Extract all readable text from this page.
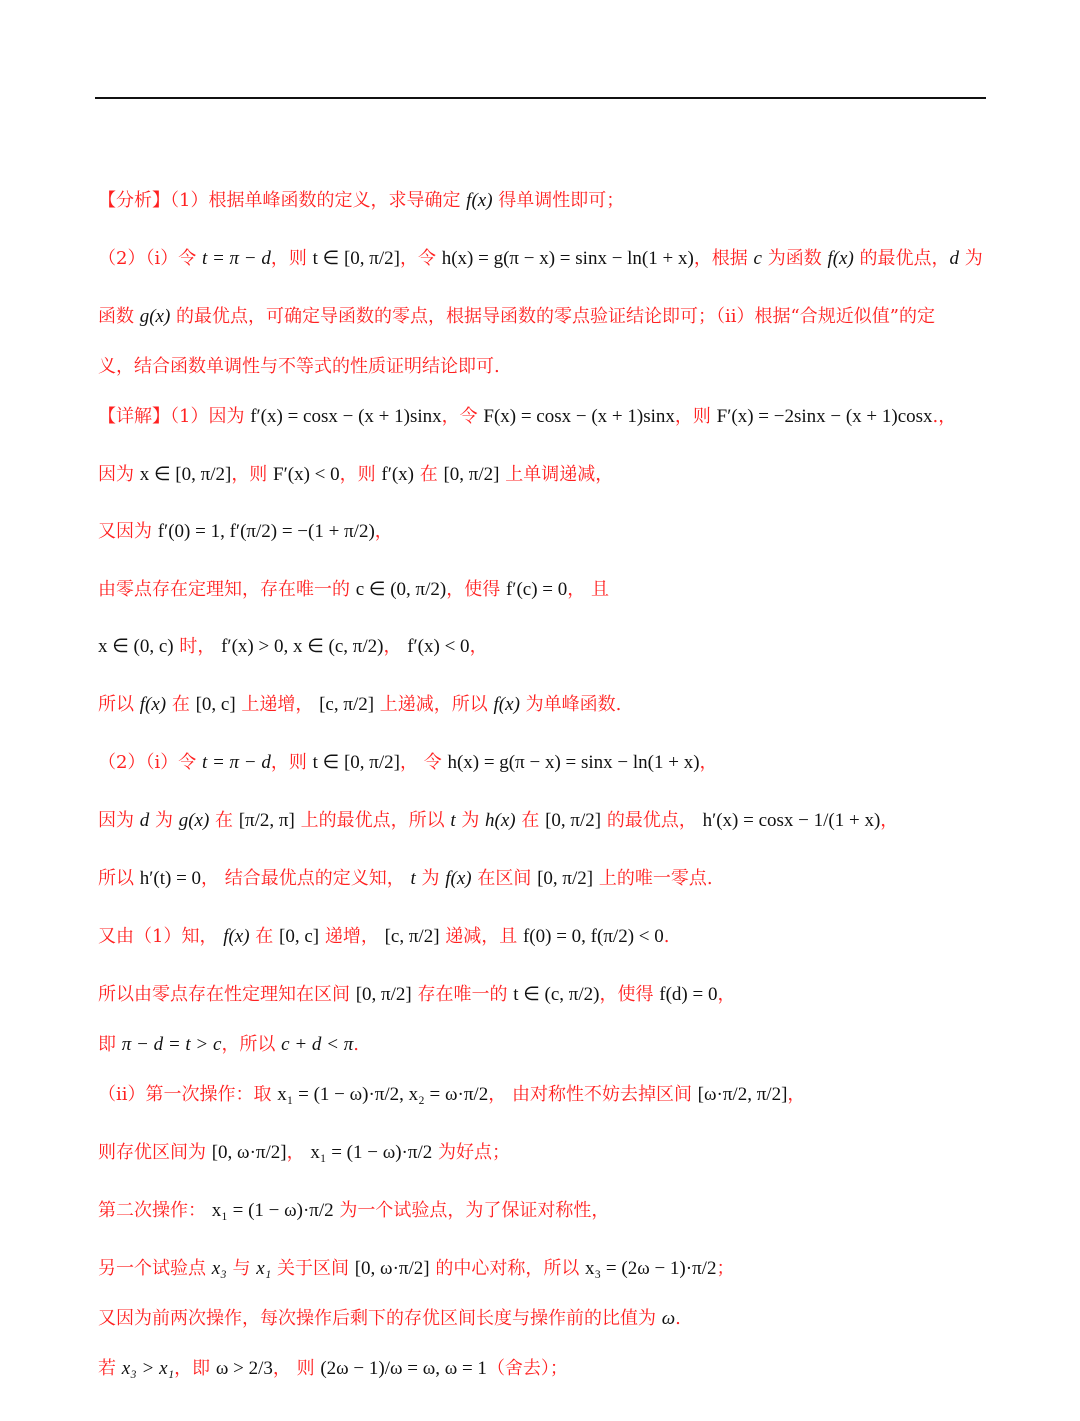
【分析】（1）根据单峰函数的定义，求导确定 f(x) 得单调性即可；
（2）（i）令 t = π − d，则 t ∈ [0, π/2]，令 h(x) = g(π − x) = sinx − ln(1 + x)，根据 c 为函数 f(x) 的最优点，d 为
函数 g(x) 的最优点，可确定导函数的零点，根据导函数的零点验证结论即可；（ii）根据“合规近似值”的定
义，结合函数单调性与不等式的性质证明结论即可.
【详解】（1）因为 f′(x) = cosx − (x + 1)sinx，令 F(x) = cosx − (x + 1)sinx，则 F′(x) = −2sinx − (x + 1)cosx.，
因为 x ∈ [0, π/2]，则 F′(x) < 0，则 f′(x) 在 [0, π/2] 上单调递减，
又因为 f′(0) = 1, f′(π/2) = −(1 + π/2)，
由零点存在定理知，存在唯一的 c ∈ (0, π/2)，使得 f′(c) = 0， 且
x ∈ (0, c) 时， f′(x) > 0, x ∈ (c, π/2)， f′(x) < 0，
所以 f(x) 在 [0, c] 上递增， [c, π/2] 上递减，所以 f(x) 为单峰函数.
（2）（i）令 t = π − d，则 t ∈ [0, π/2]， 令 h(x) = g(π − x) = sinx − ln(1 + x)，
因为 d 为 g(x) 在 [π/2, π] 上的最优点，所以 t 为 h(x) 在 [0, π/2] 的最优点， h′(x) = cosx − 1/(1 + x)，
所以 h′(t) = 0， 结合最优点的定义知， t 为 f(x) 在区间 [0, π/2] 上的唯一零点.
又由（1）知， f(x) 在 [0, c] 递增， [c, π/2] 递减，且 f(0) = 0, f(π/2) < 0.
所以由零点存在性定理知在区间 [0, π/2] 存在唯一的 t ∈ (c, π/2)，使得 f(d) = 0，
即 π − d = t > c，所以 c + d < π.
（ii）第一次操作：取 x₁ = (1 − ω)·π/2, x₂ = ω·π/2， 由对称性不妨去掉区间 [ω·π/2, π/2]，
则存优区间为 [0, ω·π/2]， x₁ = (1 − ω)·π/2 为好点；
第二次操作： x₁ = (1 − ω)·π/2 为一个试验点，为了保证对称性，
另一个试验点 x₃ 与 x₁ 关于区间 [0, ω·π/2] 的中心对称，所以 x₃ = (2ω − 1)·π/2；
又因为前两次操作，每次操作后剩下的存优区间长度与操作前的比值为 ω.
若 x₃ > x₁，即 ω > 2/3， 则 (2ω − 1)/ω = ω, ω = 1（舍去）；
